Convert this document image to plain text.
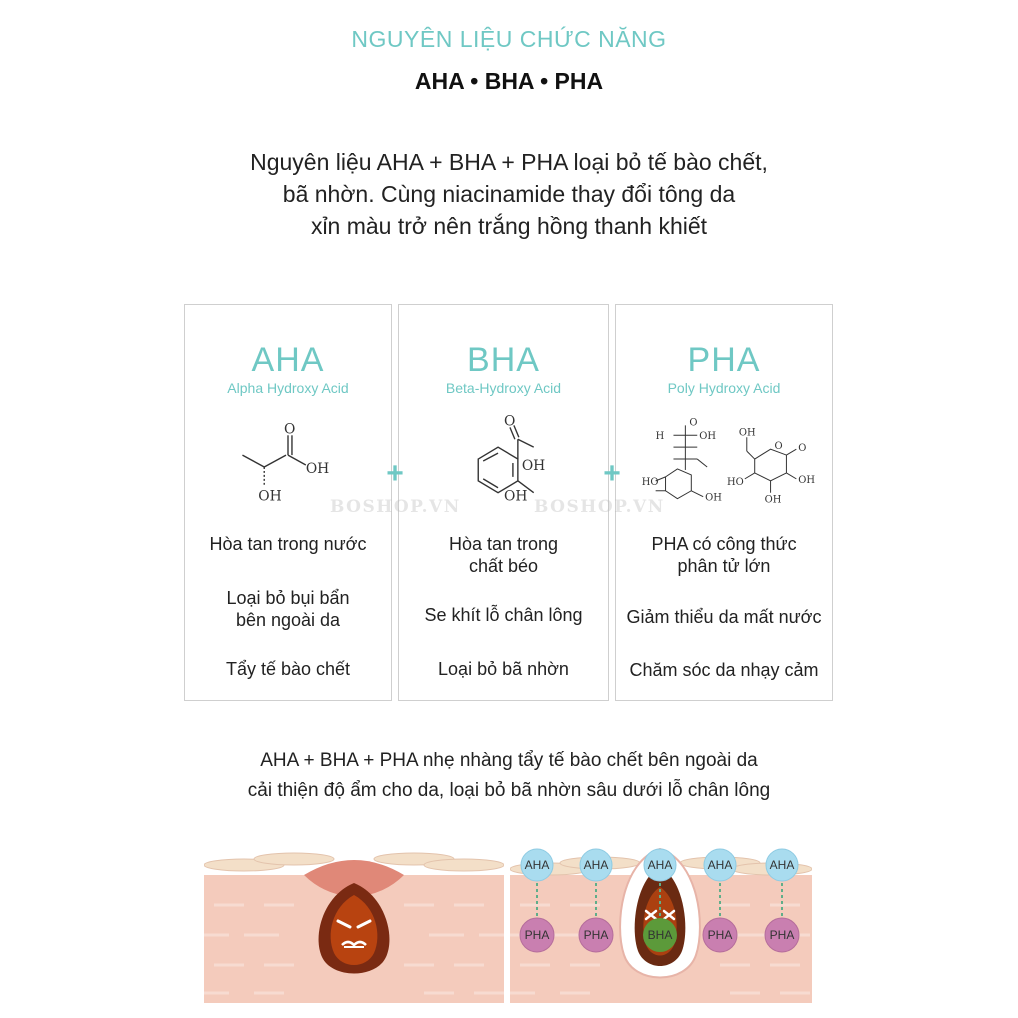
NGUYÊN LIỆU CHỨC NĂNG
AHA • BHA • PHA
Nguyên liệu AHA + BHA + PHA loại bỏ tế bào chết,
bã nhờn. Cùng niacinamide thay đổi tông da
xỉn màu trở nên trắng hồng thanh khiết
AHA
Alpha Hydroxy Acid
O
OH
OH
Hòa tan trong nước
Loại bỏ bụi bẩn
bên ngoài da
Tẩy tế bào chết
BHA
Beta-Hydroxy Acid
O
OH
OH
Hòa tan trong
chất béo
Se khít lỗ chân lông
Loại bỏ bã nhờn
PHA
Poly Hydroxy Acid
O
OH
H
HO
OH
OH
O O
HO	OH
OH
PHA có công thức
phân tử lớn
Giảm thiểu da mất nước
Chăm sóc da nhạy cảm
+	+
BOSHOP.VN	BOSHOP.VN
AHA + BHA + PHA nhẹ nhàng tẩy tế bào chết bên ngoài da
cải thiện độ ẩm cho da, loại bỏ bã nhờn sâu dưới lỗ chân lông
AHA	AHA	AHA	AHA	AHA
PHA	PHA	PHA	PHA
BHA
